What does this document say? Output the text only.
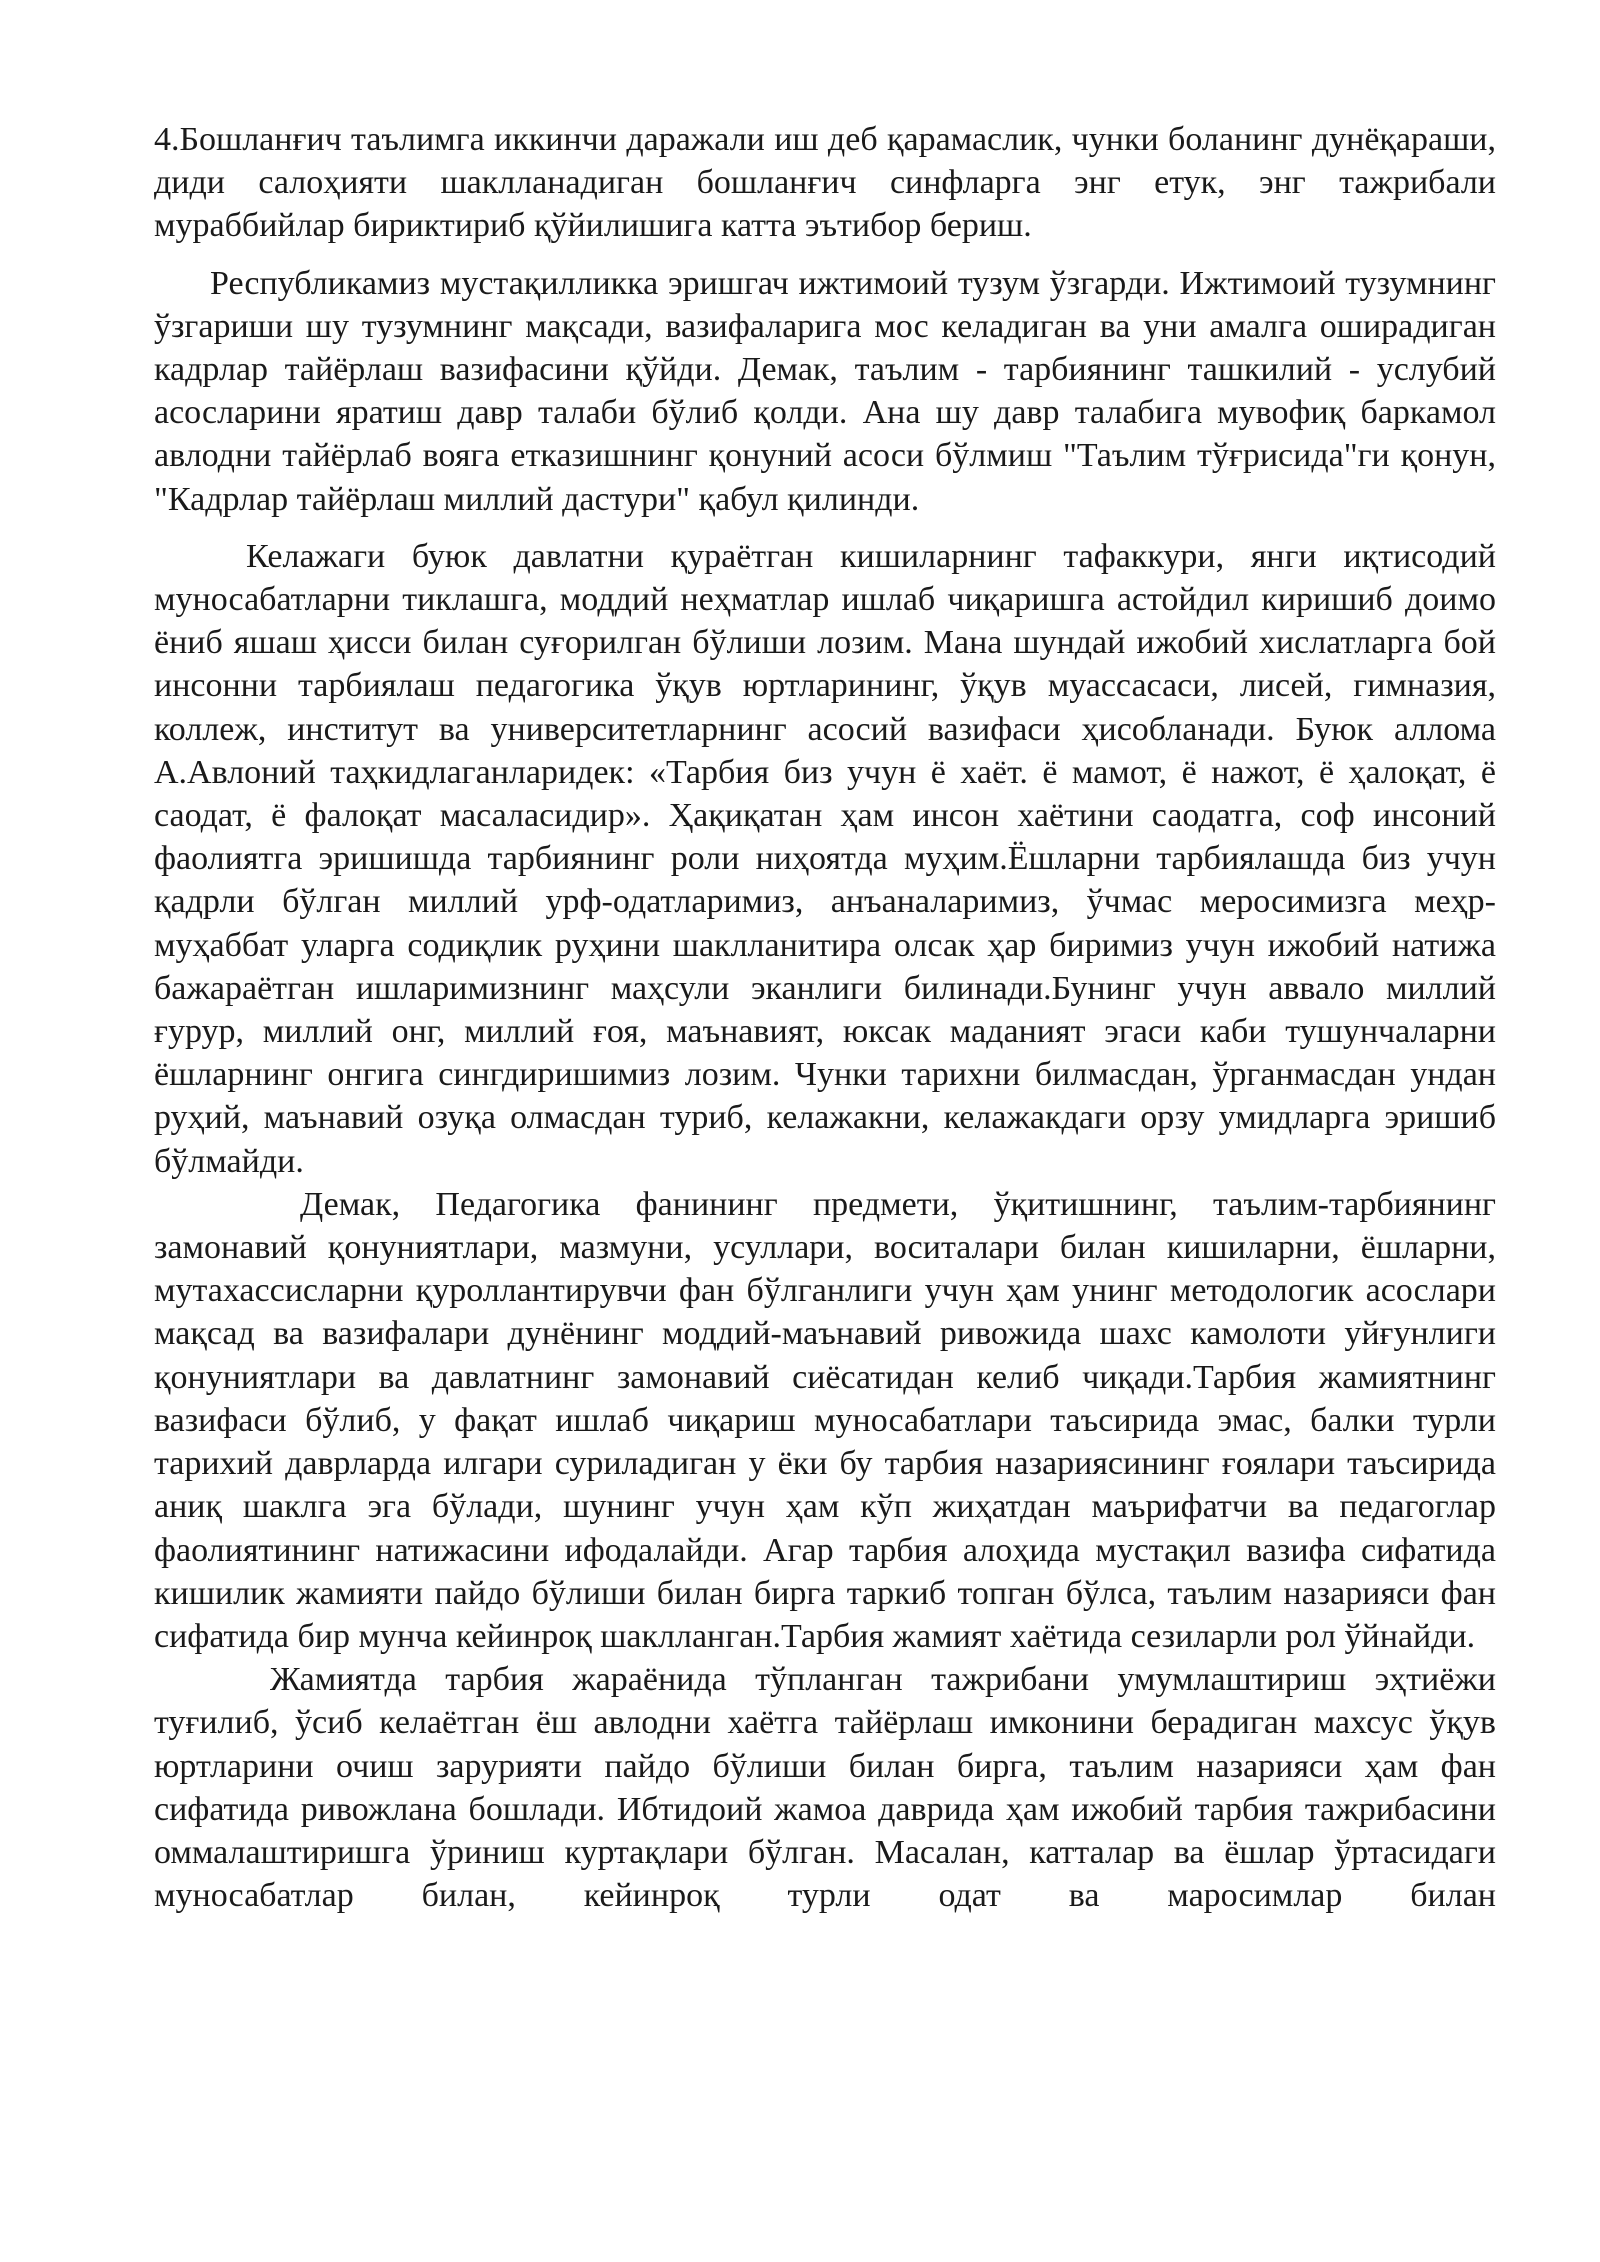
4.Бошланғич таълимга иккинчи даражали иш деб қарамаслик, чунки боланинг дунёқараши, диди салоҳияти шаклланадиган бошланғич синфларга энг етук, энг тажрибали мураббийлар бириктириб қўйилишига катта эътибор бериш.

Республикамиз мустақилликка эришгач ижтимоий тузум ўзгарди. Ижтимоий тузумнинг ўзгариши шу тузумнинг мақсади, вазифаларига мос келадиган ва уни амалга оширадиган кадрлар тайёрлаш вазифасини қўйди. Демак, таълим - тарбиянинг ташкилий - услубий асосларини яратиш давр талаби бўлиб қолди. Ана шу давр талабига мувофиқ баркамол авлодни тайёрлаб вояга етказишнинг қонуний асоси бўлмиш "Таълим тўғрисида"ги қонун, "Кадрлар тайёрлаш миллий дастури" қабул қилинди.

Келажаги буюк давлатни қураётган кишиларнинг тафаккури, янги иқтисодий муносабатларни тиклашга, моддий неҳматлар ишлаб чиқаришга астойдил киришиб доимо ёниб яшаш ҳисси билан суғорилган бўлиши лозим. Мана шундай ижобий хислатларга бой инсонни тарбиялаш педагогика ўқув юртларининг, ўқув муассасаси, лисей, гимназия, коллеж, институт ва университетларнинг асосий вазифаси ҳисобланади. Буюк аллома А.Авлоний таҳкидлаганларидек: «Тарбия биз учун ё хаёт. ё мамот, ё нажот, ё ҳалоқат, ё саодат, ё фалоқат масаласидир». Ҳақиқатан ҳам инсон хаётини саодатга, соф инсоний фаолиятга эришишда тарбиянинг роли ниҳоятда муҳим.Ёшларни тарбиялашда биз учун қадрли бўлган миллий урф-одатларимиз, анъаналаримиз, ўчмас меросимизга меҳр-муҳаббат уларга содиқлик руҳини шаклланитира олсак ҳар биримиз учун ижобий натижа бажараётган ишларимизнинг маҳсули эканлиги билинади.Бунинг учун аввало миллий ғурур, миллий онг, миллий ғоя, маънавият, юксак маданият эгаси каби тушунчаларни ёшларнинг онгига сингдиришимиз лозим. Чунки тарихни билмасдан, ўрганмасдан ундан руҳий, маънавий озуқа олмасдан туриб, келажакни, келажакдаги орзу умидларга эришиб бўлмайди.

Демак, Педагогика фанининг предмети, ўқитишнинг, таълим-тарбиянинг замонавий қонуниятлари, мазмуни, усуллари, воситалари билан кишиларни, ёшларни, мутахассисларни қуроллантирувчи фан бўлганлиги учун ҳам унинг методологик асослари мақсад ва вазифалари дунёнинг моддий-маънавий ривожида шахс камолоти уйғунлиги қонуниятлари ва давлатнинг замонавий сиёсатидан келиб чиқади.Тарбия жамиятнинг вазифаси бўлиб, у фақат ишлаб чиқариш муносабатлари таъсирида эмас, балки турли тарихий даврларда илгари суриладиган у ёки бу тарбия назариясининг ғоялари таъсирида аниқ шаклга эга бўлади, шунинг учун ҳам кўп жиҳатдан маърифатчи ва педагоглар фаолиятининг натижасини ифодалайди. Агар тарбия алоҳида мустақил вазифа сифатида кишилик жамияти пайдо бўлиши билан бирга таркиб топган бўлса, таълим назарияси фан сифатида бир мунча кейинроқ шаклланган.Тарбия жамият хаётида сезиларли рол ўйнайди.

Жамиятда тарбия жараёнида тўпланган тажрибани умумлаштириш эҳтиёжи туғилиб, ўсиб келаётган ёш авлодни хаётга тайёрлаш имконини берадиган махсус ўқув юртларини очиш зарурияти пайдо бўлиши билан бирга, таълим назарияси ҳам фан сифатида ривожлана бошлади. Ибтидоий жамоа даврида ҳам ижобий тарбия тажрибасини оммалаштиришга ўриниш куртақлари бўлган. Масалан, катталар ва ёшлар ўртасидаги муносабатлар билан, кейинроқ турли одат ва маросимлар билан
